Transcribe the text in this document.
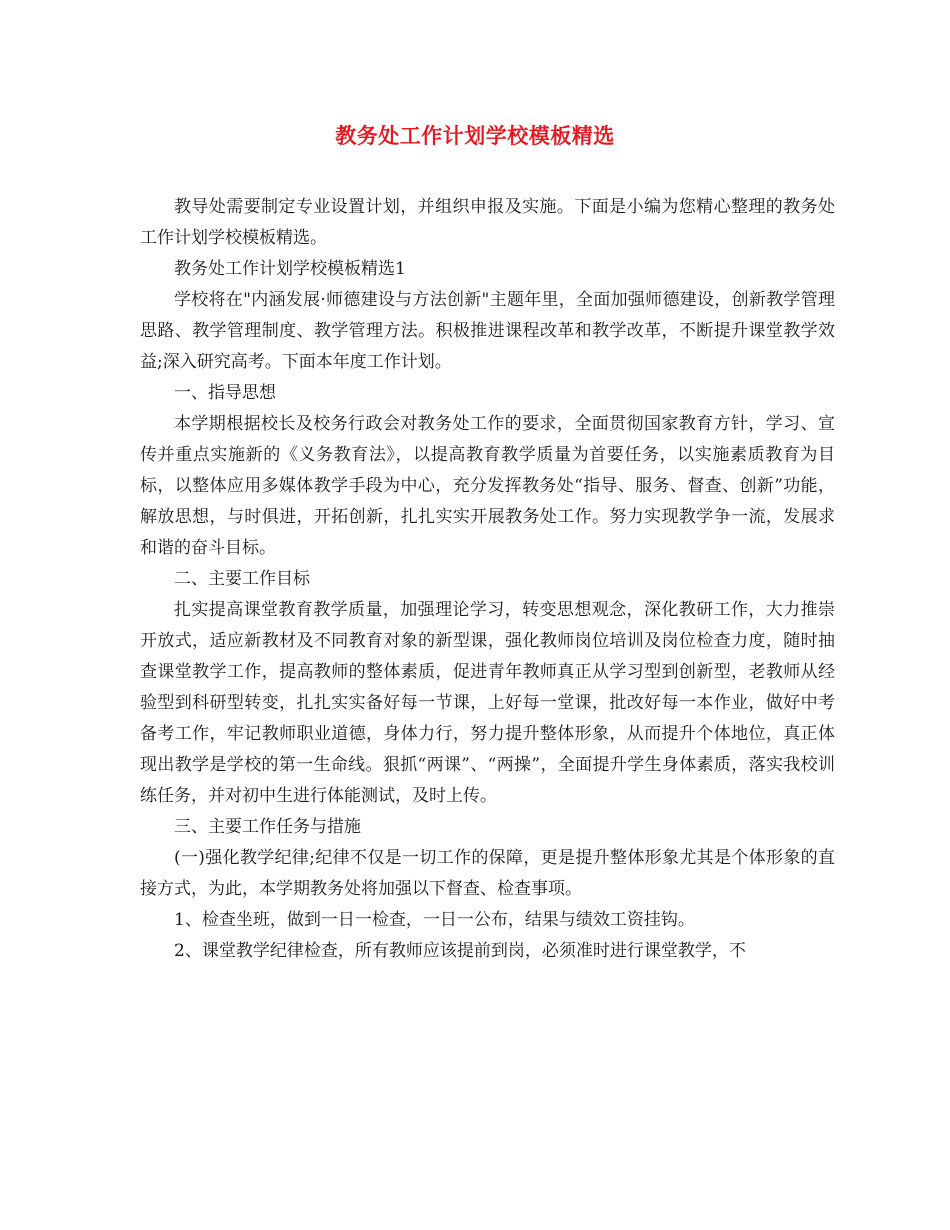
教务处工作计划学校模板精选

教导处需要制定专业设置计划，并组织申报及实施。下面是小编为您精心整理的教务处工作计划学校模板精选。

教务处工作计划学校模板精选1

学校将在"内涵发展·师德建设与方法创新"主题年里，全面加强师德建设，创新教学管理思路、教学管理制度、教学管理方法。积极推进课程改革和教学改革，不断提升课堂教学效益;深入研究高考。下面本年度工作计划。

一、指导思想

本学期根据校长及校务行政会对教务处工作的要求，全面贯彻国家教育方针，学习、宣传并重点实施新的《义务教育法》，以提高教育教学质量为首要任务，以实施素质教育为目标，以整体应用多媒体教学手段为中心，充分发挥教务处“指导、服务、督查、创新”功能，解放思想，与时俱进，开拓创新，扎扎实实开展教务处工作。努力实现教学争一流，发展求和谐的奋斗目标。

二、主要工作目标

扎实提高课堂教育教学质量，加强理论学习，转变思想观念，深化教研工作，大力推崇开放式，适应新教材及不同教育对象的新型课，强化教师岗位培训及岗位检查力度，随时抽查课堂教学工作，提高教师的整体素质，促进青年教师真正从学习型到创新型，老教师从经验型到科研型转变，扎扎实实备好每一节课，上好每一堂课，批改好每一本作业，做好中考备考工作，牢记教师职业道德，身体力行，努力提升整体形象，从而提升个体地位，真正体现出教学是学校的第一生命线。狠抓“两课”、“两操”，全面提升学生身体素质，落实我校训练任务，并对初中生进行体能测试，及时上传。

三、主要工作任务与措施

(一)强化教学纪律;纪律不仅是一切工作的保障，更是提升整体形象尤其是个体形象的直接方式，为此，本学期教务处将加强以下督查、检查事项。

1、检查坐班，做到一日一检查，一日一公布，结果与绩效工资挂钩。

2、课堂教学纪律检查，所有教师应该提前到岗，必须准时进行课堂教学，不
